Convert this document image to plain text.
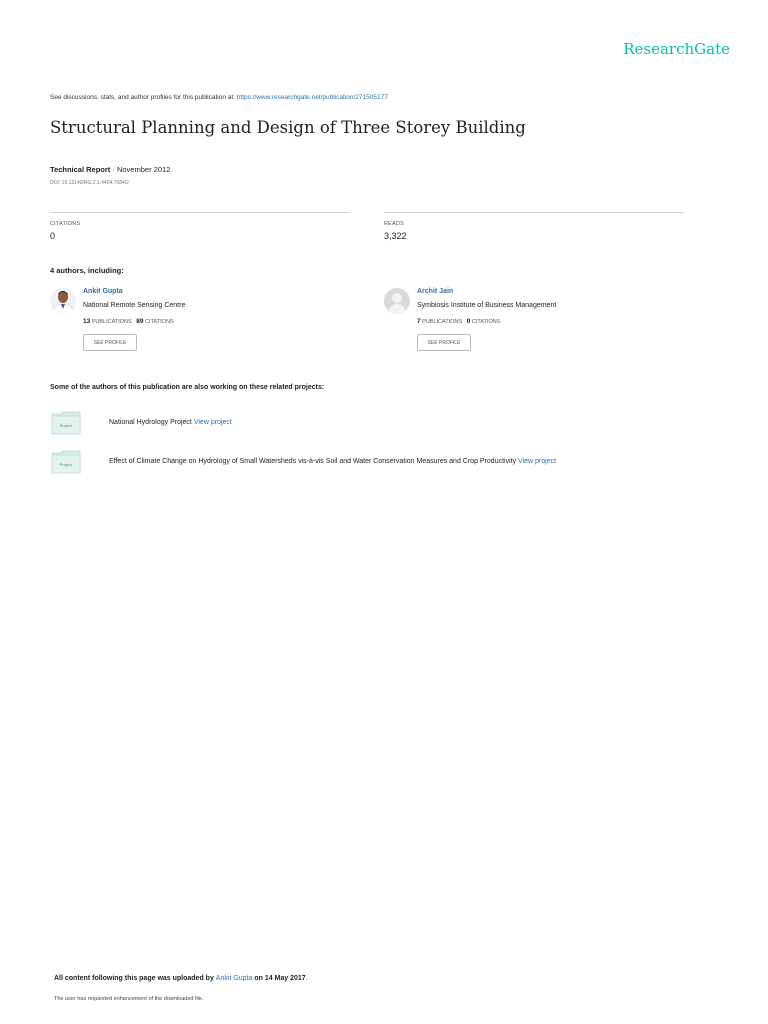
ResearchGate
See discussions, stats, and author profiles for this publication at: https://www.researchgate.net/publication/271505177
Structural Planning and Design of Three Storey Building
Technical Report · November 2012
DOI: 10.13140/RG.2.1.4404.7684/2
CITATIONS
0
READS
3,322
4 authors, including:
Ankit Gupta
National Remote Sensing Centre
13 PUBLICATIONS 89 CITATIONS
SEE PROFILE
Archit Jain
Symbiosis Institute of Business Management
7 PUBLICATIONS 0 CITATIONS
SEE PROFILE
Some of the authors of this publication are also working on these related projects:
Project	National Hydrology Project View project
Project	Effect of Climate Change on Hydrology of Small Watersheds vis-à-vis Soil and Water Conservation Measures and Crop Productivity View project
All content following this page was uploaded by Ankit Gupta on 14 May 2017.
The user has requested enhancement of the downloaded file.
